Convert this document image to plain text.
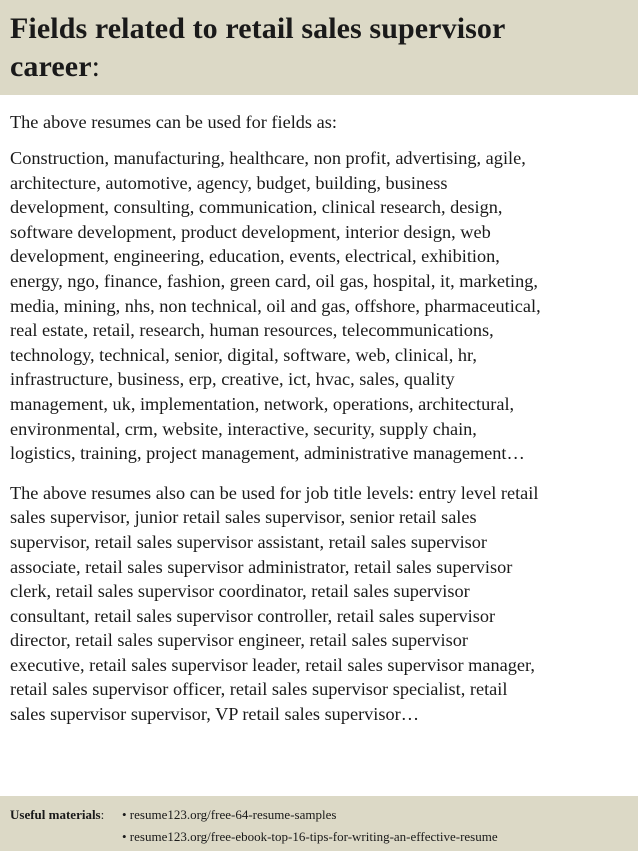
Fields related to retail sales supervisor
career:

The above resumes can be used for fields as:

Construction, manufacturing, healthcare, non profit, advertising, agile,
architecture, automotive, agency, budget, building, business
development, consulting, communication, clinical research, design,
software development, product development, interior design, web
development, engineering, education, events, electrical, exhibition,
energy, ngo, finance, fashion, green card, oil gas, hospital, it, marketing,
media, mining, nhs, non technical, oil and gas, offshore, pharmaceutical,
real estate, retail, research, human resources, telecommunications,
technology, technical, senior, digital, software, web, clinical, hr,
infrastructure, business, erp, creative, ict, hvac, sales, quality
management, uk, implementation, network, operations, architectural,
environmental, crm, website, interactive, security, supply chain,
logistics, training, project management, administrative management…

The above resumes also can be used for job title levels: entry level retail
sales supervisor, junior retail sales supervisor, senior retail sales
supervisor, retail sales supervisor assistant, retail sales supervisor
associate, retail sales supervisor administrator, retail sales supervisor
clerk, retail sales supervisor coordinator, retail sales supervisor
consultant, retail sales supervisor controller, retail sales supervisor
director, retail sales supervisor engineer, retail sales supervisor
executive, retail sales supervisor leader, retail sales supervisor manager,
retail sales supervisor officer, retail sales supervisor specialist, retail
sales supervisor supervisor, VP retail sales supervisor…

Useful materials:	• resume123.org/free-64-resume-samples
• resume123.org/free-ebook-top-16-tips-for-writing-an-effective-resume
